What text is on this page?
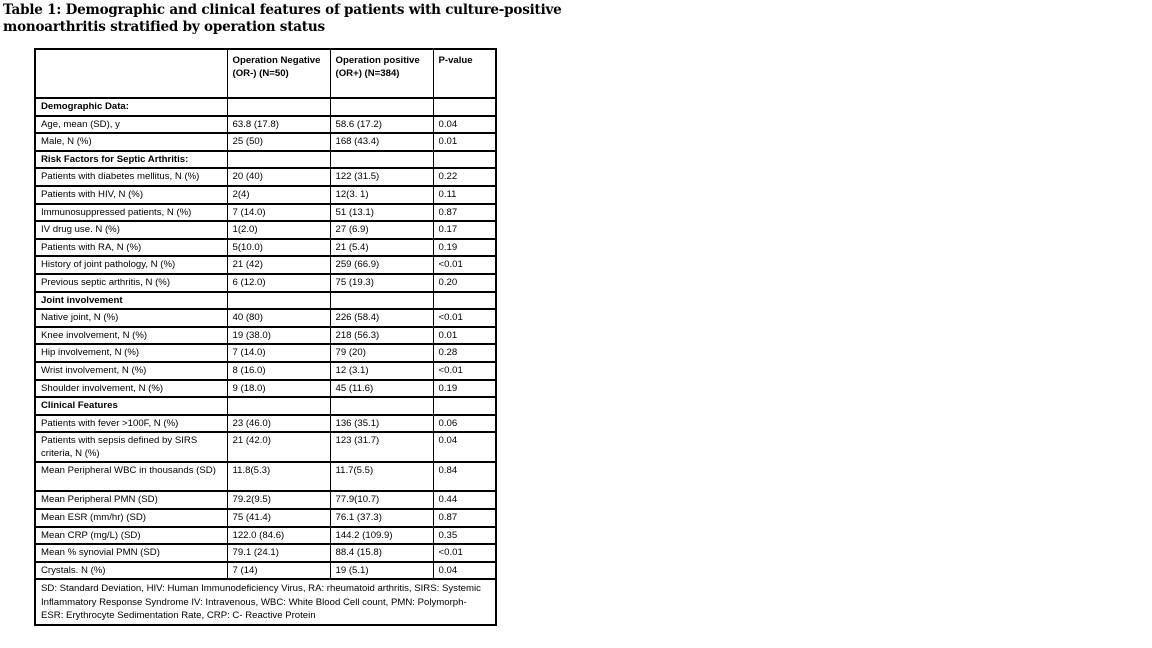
Table 1: Demographic and clinical features of patients with culture-positive monoarthritis stratified by operation status
	Operation Negative (OR-) (N=50)	Operation positive (OR+) (N=384)	P-value
Demographic Data:			
Age, mean (SD), y	63.8 (17.8)	58.6 (17.2)	0.04
Male, N (%)	25 (50)	168 (43.4)	0.01
Risk Factors for Septic Arthritis:			
Patients with diabetes mellitus, N (%)	20 (40)	122 (31.5)	0.22
Patients with HIV, N (%)	2(4)	12(3. 1)	0.11
Immunosuppressed patients, N (%)	7 (14.0)	51 (13.1)	0.87
IV drug use. N (%)	1(2.0)	27 (6.9)	0.17
Patients with RA, N (%)	5(10.0)	21 (5.4)	0.19
History of joint pathology, N (%)	21 (42)	259 (66.9)	<0.01
Previous septic arthritis, N (%)	6 (12.0)	75 (19.3)	0.20
Joint involvement			
Native joint, N (%)	40 (80)	226 (58.4)	<0.01
Knee involvement, N (%)	19 (38.0)	218 (56.3)	0.01
Hip involvement, N (%)	7 (14.0)	79 (20)	0.28
Wrist involvement, N (%)	8 (16.0)	12 (3.1)	<0.01
Shoulder involvement, N (%)	9 (18.0)	45 (11.6)	0.19
Clinical Features			
Patients with fever >100F, N (%)	23 (46.0)	136 (35.1)	0.06
Patients with sepsis defined by SIRS criteria, N (%)	21 (42.0)	123 (31.7)	0.04
Mean Peripheral WBC in thousands (SD)	11.8(5.3)	11.7(5.5)	0.84
Mean Peripheral PMN (SD)	79.2(9.5)	77.9(10.7)	0.44
Mean ESR (mm/hr) (SD)	75 (41.4)	76.1 (37.3)	0.87
Mean CRP (mg/L) (SD)	122.0 (84.6)	144.2 (109.9)	0.35
Mean % synovial PMN (SD)	79.1 (24.1)	88.4 (15.8)	<0.01
Crystals. N (%)	7 (14)	19 (5.1)	0.04
SD: Standard Deviation, HIV: Human Immunodeficiency Virus, RA: rheumatoid arthritis, SIRS: Systemic Inflammatory Response Syndrome IV: Intravenous, WBC: White Blood Cell count, PMN: Polymorph- ESR: Erythrocyte Sedimentation Rate, CRP: C- Reactive Protein			
